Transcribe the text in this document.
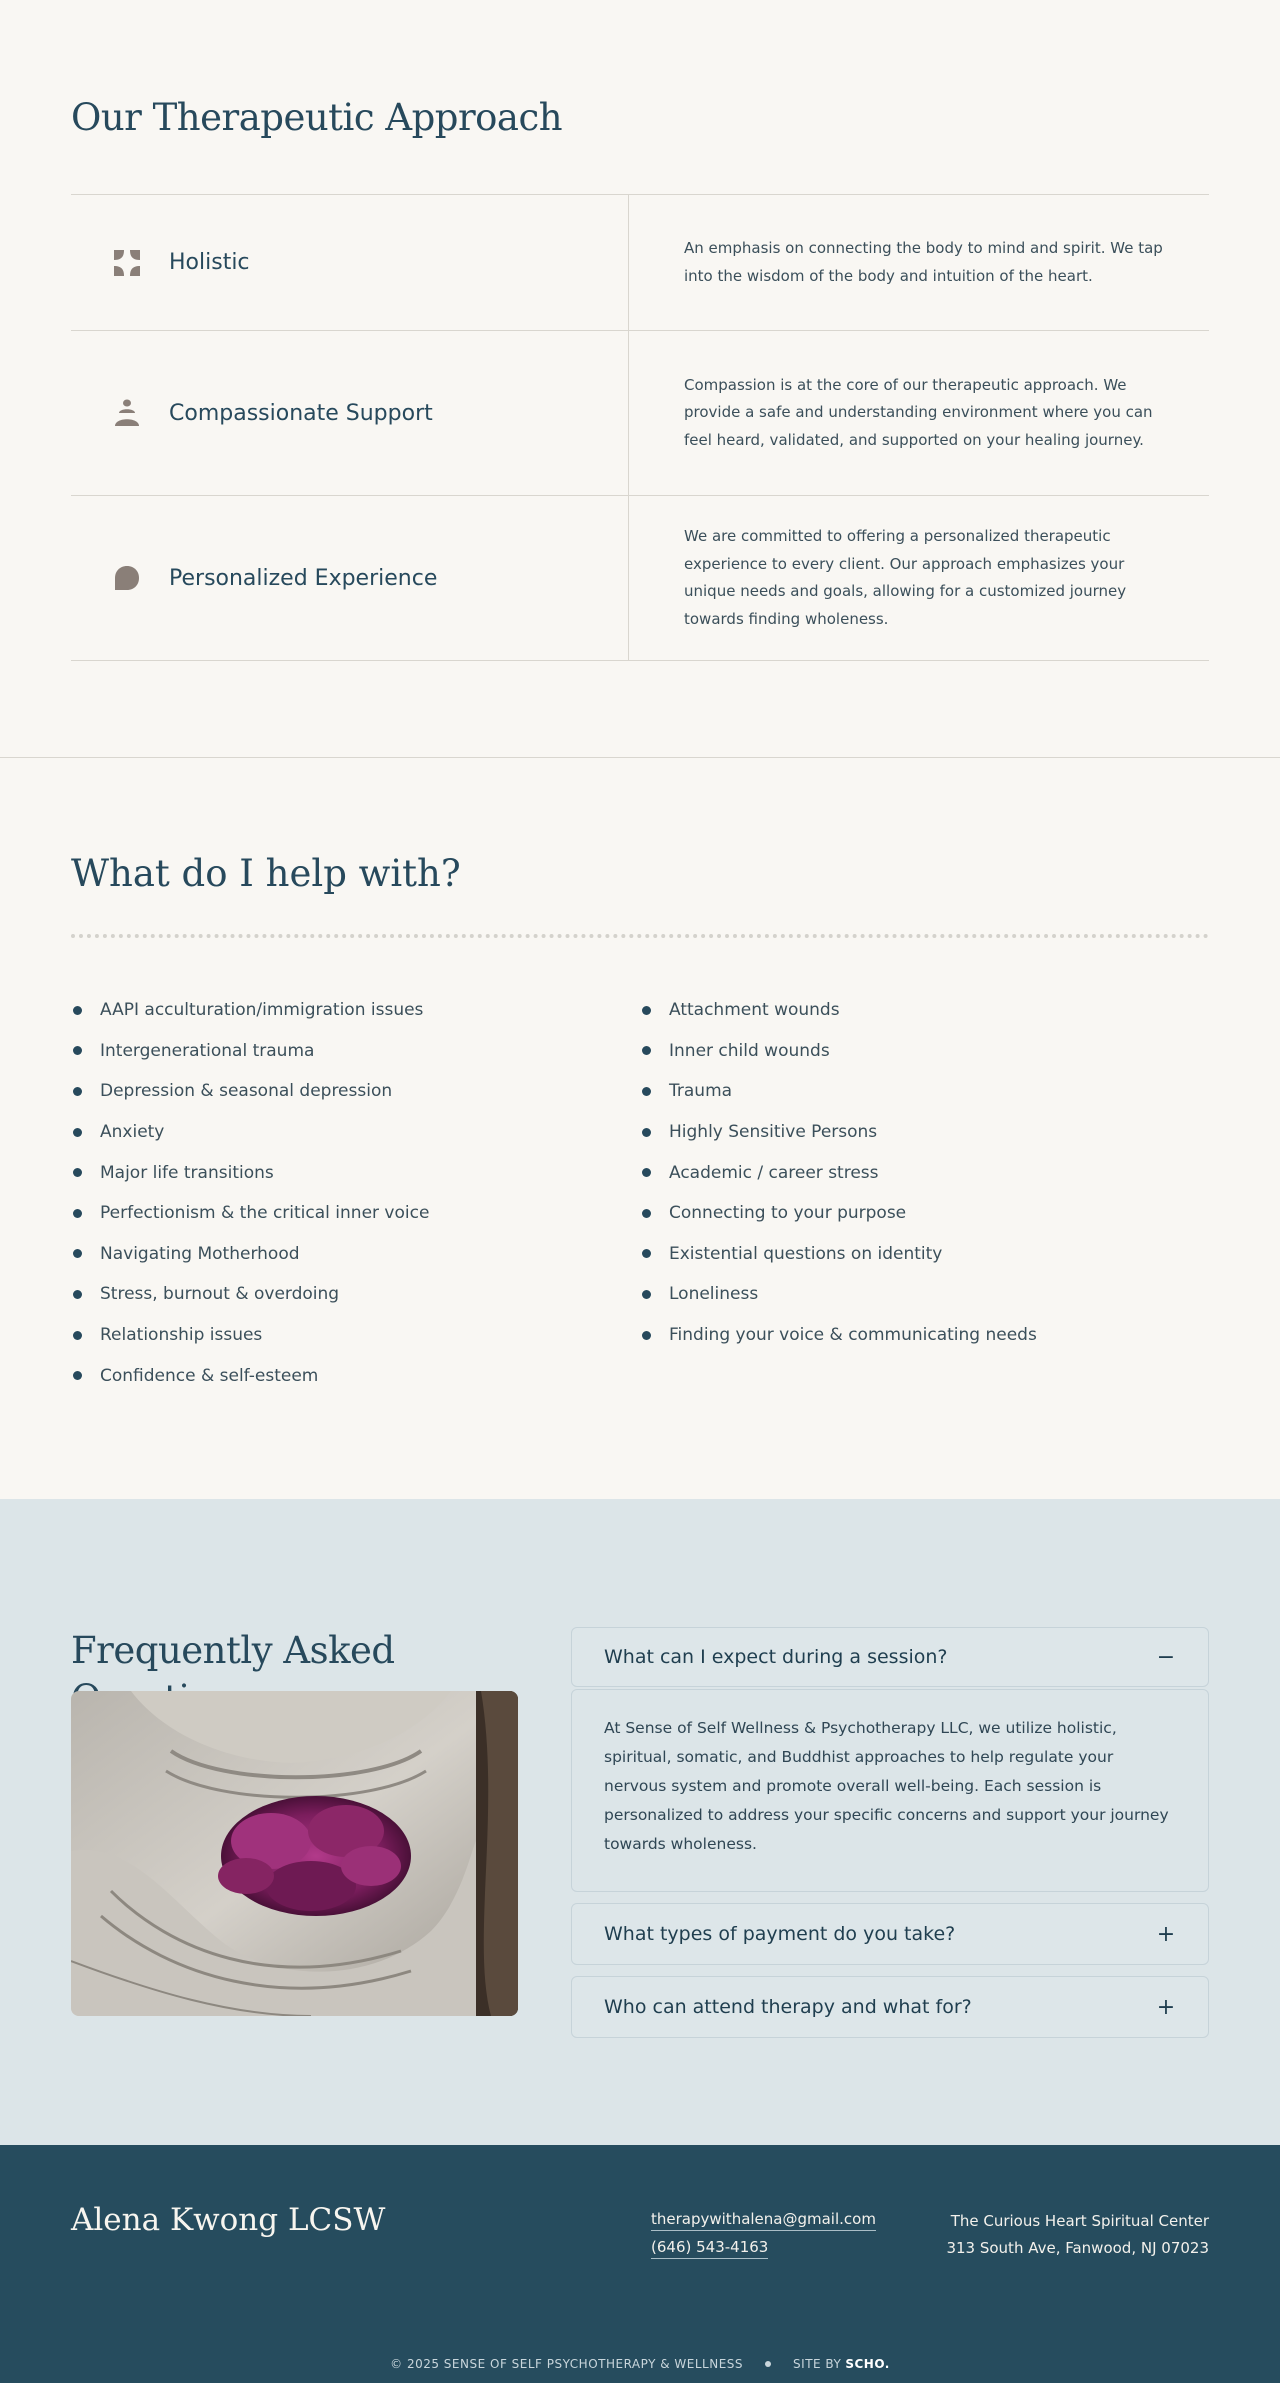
Our Therapeutic Approach
Holistic

An emphasis on connecting the body to mind and spirit. We tap into the wisdom of the body and intuition of the heart.

Compassionate Support

Compassion is at the core of our therapeutic approach. We provide a safe and understanding environment where you can feel heard, validated, and supported on your healing journey.

Personalized Experience

We are committed to offering a personalized therapeutic experience to every client. Our approach emphasizes your unique needs and goals, allowing for a customized journey towards finding wholeness.

What do I help with?
AAPI acculturation/immigration issues
Intergenerational trauma
Depression & seasonal depression
Anxiety
Major life transitions
Perfectionism & the critical inner voice
Navigating Motherhood
Stress, burnout & overdoing
Relationship issues
Confidence & self-esteem
Attachment wounds
Inner child wounds
Trauma
Highly Sensitive Persons
Academic / career stress
Connecting to your purpose
Existential questions on identity
Loneliness
Finding your voice & communicating needs
Frequently Asked	What can I expect during a session?	−

At Sense of Self Wellness & Psychotherapy LLC, we utilize holistic, spiritual, somatic, and Buddhist approaches to help regulate your nervous system and promote overall well-being. Each session is personalized to address your specific concerns and support your journey towards wholeness.

What types of payment do you take?	+
Who can attend therapy and what for?	+
Alena Kwong LCSW	therapywithalena@gmail.com
(646) 543-4163
The Curious Heart Spiritual Center
313 South Ave, Fanwood, NJ 07023
© 2025 SENSE OF SELF PSYCHOTHERAPY & WELLNESS	SITE BY SCHO.
